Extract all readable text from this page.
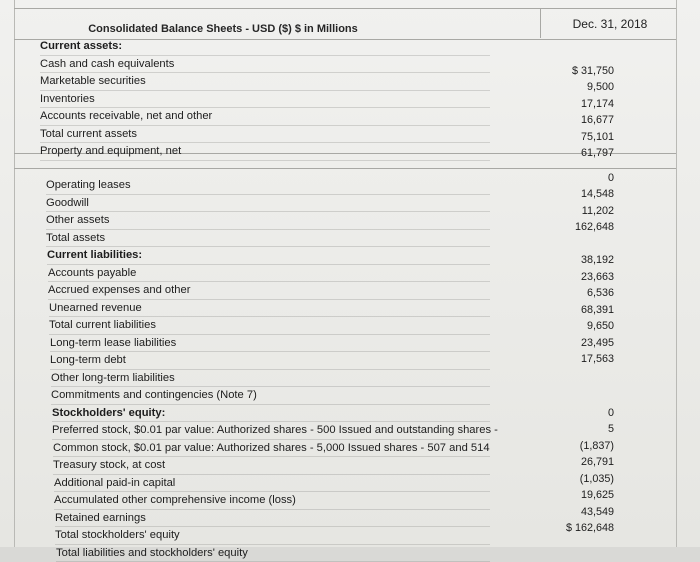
Consolidated Balance Sheets - USD ($) $ in Millions	Dec. 31, 2018
Current assets:
Cash and cash equivalents
Marketable securities
Inventories
Accounts receivable, net and other
Total current assets
Property and equipment, net
Operating leases
Goodwill
Other assets
Total assets
Current liabilities:
Accounts payable
Accrued expenses and other
Unearned revenue
Total current liabilities
Long-term lease liabilities
Long-term debt
Other long-term liabilities
Commitments and contingencies (Note 7)
Stockholders' equity:
Preferred stock, $0.01 par value: Authorized shares - 500 Issued and outstanding shares -
Common stock, $0.01 par value: Authorized shares - 5,000 Issued shares - 507 and 514
Treasury stock, at cost
Additional paid-in capital
Accumulated other comprehensive income (loss)
Retained earnings
Total stockholders' equity
Total liabilities and stockholders' equity
$ 31,750
9,500
17,174
16,677
75,101
61,797
0
14,548
11,202
162,648
38,192
23,663
6,536
68,391
9,650
23,495
17,563
0
5
(1,837)
26,791
(1,035)
19,625
43,549
$ 162,648
